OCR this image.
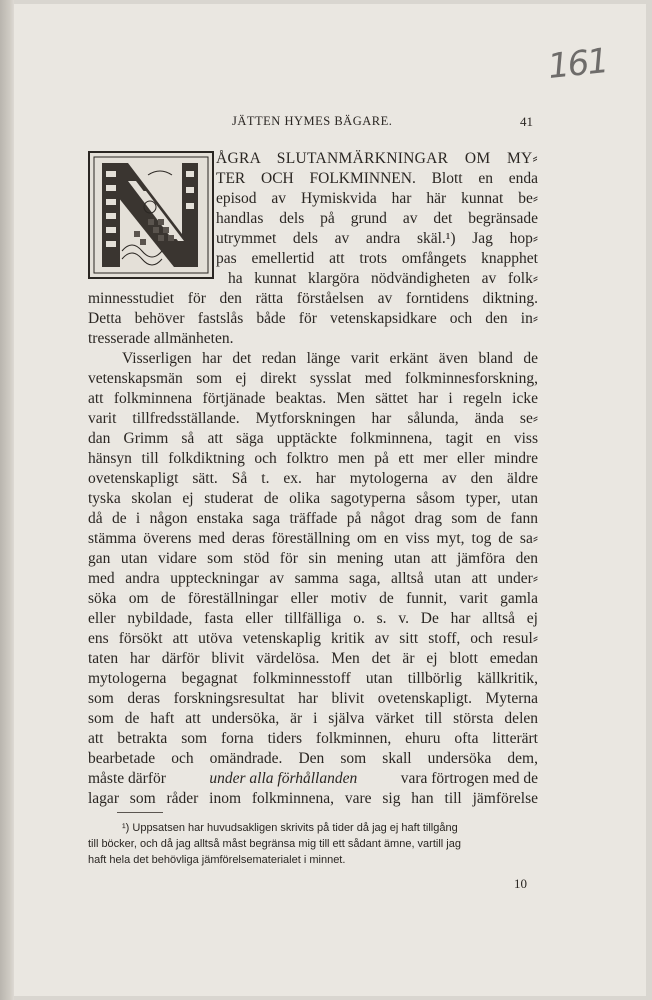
161
JÄTTEN HYMES BÄGARE.	41
ÅGRA SLUTANMÄRKNINGAR OM MY⸗
TER OCH FOLKMINNEN. Blott en enda
episod av Hymiskvida har här kunnat be⸗
handlas dels på grund av det begränsade
utrymmet dels av andra skäl.¹) Jag hop⸗
pas emellertid att trots omfångets knapphet
ha kunnat klargöra nödvändigheten av folk⸗
minnesstudiet för den rätta förståelsen av forntidens diktning.
Detta behöver fastslås både för vetenskapsidkare och den in⸗
tresserade allmänheten.
Visserligen har det redan länge varit erkänt även bland de
vetenskapsmän som ej direkt sysslat med folkminnesforskning,
att folkminnena förtjänade beaktas. Men sättet har i regeln icke
varit tillfredsställande. Mytforskningen har sålunda, ända se⸗
dan Grimm så att säga upptäckte folkminnena, tagit en viss
hänsyn till folkdiktning och folktro men på ett mer eller mindre
ovetenskapligt sätt. Så t. ex. har mytologerna av den äldre
tyska skolan ej studerat de olika sagotyperna såsom typer, utan
då de i någon enstaka saga träffade på något drag som de fann
stämma överens med deras föreställning om en viss myt, tog de sa⸗
gan utan vidare som stöd för sin mening utan att jämföra den
med andra uppteckningar av samma saga, alltså utan att under⸗
söka om de föreställningar eller motiv de funnit, varit gamla
eller nybildade, fasta eller tillfälliga o. s. v. De har alltså ej
ens försökt att utöva vetenskaplig kritik av sitt stoff, och resul⸗
taten har därför blivit värdelösa. Men det är ej blott emedan
mytologerna begagnat folkminnesstoff utan tillbörlig källkritik,
som deras forskningsresultat har blivit ovetenskapligt. Myterna
som de haft att undersöka, är i själva värket till största delen
att betrakta som forna tiders folkminnen, ehuru ofta litterärt
bearbetade och omändrade. Den som skall undersöka dem,
måste därför	under alla förhållanden	vara förtrogen med de
lagar som råder inom folkminnena, vare sig han till jämförelse
¹) Uppsatsen har huvudsakligen skrivits på tider då jag ej haft tillgång
till böcker, och då jag alltså måst begränsa mig till ett sådant ämne, vartill jag
haft hela det behövliga jämförelsematerialet i minnet.
10
